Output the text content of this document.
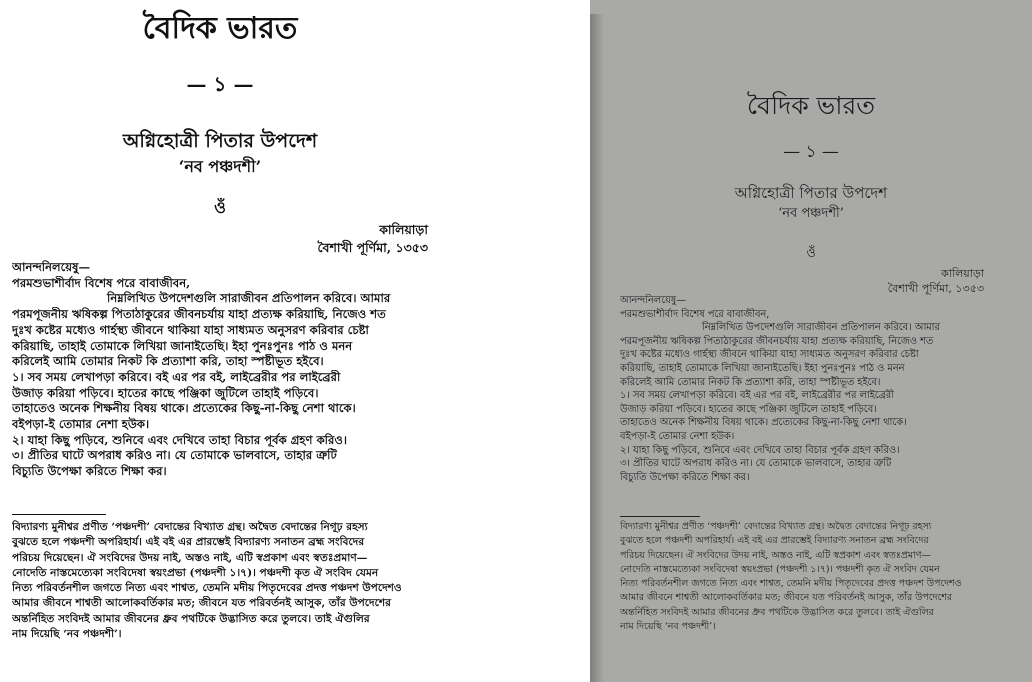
বৈদিক ভারত
— ১ —
অগ্নিহোত্রী পিতার উপদেশ
‘নব পঞ্চদশী’
ওঁ
কালিয়াড়া
বৈশাখী পূর্ণিমা, ১৩৫৩
আনন্দনিলয়েষু—
পরমশুভাশীর্বাদ বিশেষ পরে বাবাজীবন,
নিম্নলিখিত উপদেশগুলি সারাজীবন প্রতিপালন করিবে। আমার
পরমপূজনীয় ঋষিকল্প পিতাঠাকুরের জীবনচর্যায় যাহা প্রত্যক্ষ করিয়াছি, নিজেও শত
দুঃখ কষ্টের মধ্যেও গার্হস্থ্য জীবনে থাকিয়া যাহা সাধ্যমত অনুসরণ করিবার চেষ্টা
করিয়াছি, তাহাই তোমাকে লিখিয়া জানাইতেছি। ইহা পুনঃপুনঃ পাঠ ও মনন
করিলেই আমি তোমার নিকট কি প্রত্যাশা করি, তাহা স্পষ্টীভূত হইবে।
১। সব সময় লেখাপড়া করিবে। বই এর পর বই, লাইব্রেরীর পর লাইব্রেরী
উজাড় করিয়া পড়িবে। হাতের কাছে পঞ্জিকা জুটিলে তাহাই পড়িবে।
তাহাতেও অনেক শিক্ষনীয় বিষয় থাকে। প্রত্যেকের কিছু-না-কিছু নেশা থাকে।
বইপড়া-ই তোমার নেশা হউক।
২। যাহা কিছু পড়িবে, শুনিবে এবং দেখিবে তাহা বিচার পূর্বক গ্রহণ করিও।
৩। প্রীতির ঘাটে অপরাধ করিও না। যে তোমাকে ভালবাসে, তাহার ত্রুটি
বিচ্যুতি উপেক্ষা করিতে শিক্ষা কর।
বিদ্যারণ্য মুনীশ্বর প্রণীত ‘পঞ্চদশী’ বেদান্তের বিখ্যাত গ্রন্থ। অদ্বৈত বেদান্তের নিগূঢ় রহস্য
বুঝতে হলে পঞ্চদশী অপরিহার্য। এই বই এর প্রারম্ভেই বিদ্যারণ্য সনাতন ব্রহ্ম সংবিদের
পরিচয় দিয়েছেন। ঐ সংবিদের উদয় নাই, অস্তও নাই, এটি স্বপ্রকাশ এবং স্বতঃপ্রমাণ—
নোদেতি নাস্তমেত্যেকা সংবিদেষা স্বয়ংপ্রভা (পঞ্চদশী ১।৭)। পঞ্চদশী কৃত ঐ সংবিদ যেমন
নিত্য পরিবর্তনশীল জগতে নিত্য এবং শাশ্বত, তেমনি মদীয় পিতৃদেবের প্রদত্ত পঞ্চদশ উপদেশও
আমার জীবনে শাশ্বতী আলোকবর্তিকার মত; জীবনে যত পরিবর্তনই আসুক, তাঁর উপদেশের
অন্তর্নিহিত সংবিদই আমার জীবনের ধ্রুব পথটিকে উদ্ভাসিত করে তুলবে। তাই ঐগুলির
নাম দিয়েছি ‘নব পঞ্চদশী’।
বৈদিক ভারত
— ১ —
অগ্নিহোত্রী পিতার উপদেশ
‘নব পঞ্চদশী’
ওঁ
কালিয়াড়া
বৈশাখী পূর্ণিমা, ১৩৫৩
আনন্দনিলয়েষু—
পরমশুভাশীর্বাদ বিশেষ পরে বাবাজীবন,
নিম্নলিখিত উপদেশগুলি সারাজীবন প্রতিপালন করিবে। আমার
পরমপূজনীয় ঋষিকল্প পিতাঠাকুরের জীবনচর্যায় যাহা প্রত্যক্ষ করিয়াছি, নিজেও শত
দুঃখ কষ্টের মধ্যেও গার্হস্থ্য জীবনে থাকিয়া যাহা সাধ্যমত অনুসরণ করিবার চেষ্টা
করিয়াছি, তাহাই তোমাকে লিখিয়া জানাইতেছি। ইহা পুনঃপুনঃ পাঠ ও মনন
করিলেই আমি তোমার নিকট কি প্রত্যাশা করি, তাহা স্পষ্টীভূত হইবে।
১। সব সময় লেখাপড়া করিবে। বই এর পর বই, লাইব্রেরীর পর লাইব্রেরী
উজাড় করিয়া পড়িবে। হাতের কাছে পঞ্জিকা জুটিলে তাহাই পড়িবে।
তাহাতেও অনেক শিক্ষনীয় বিষয় থাকে। প্রত্যেকের কিছু-না-কিছু নেশা থাকে।
বইপড়া-ই তোমার নেশা হউক।
২। যাহা কিছু পড়িবে, শুনিবে এবং দেখিবে তাহা বিচার পূর্বক গ্রহণ করিও।
৩। প্রীতির ঘাটে অপরাধ করিও না। যে তোমাকে ভালবাসে, তাহার ত্রুটি
বিচ্যুতি উপেক্ষা করিতে শিক্ষা কর।
বিদ্যারণ্য মুনীশ্বর প্রণীত ‘পঞ্চদশী’ বেদান্তের বিখ্যাত গ্রন্থ। অদ্বৈত বেদান্তের নিগূঢ় রহস্য
বুঝতে হলে পঞ্চদশী অপরিহার্য। এই বই এর প্রারম্ভেই বিদ্যারণ্য সনাতন ব্রহ্ম সংবিদের
পরিচয় দিয়েছেন। ঐ সংবিদের উদয় নাই, অস্তও নাই, এটি স্বপ্রকাশ এবং স্বতঃপ্রমাণ—
নোদেতি নাস্তমেত্যেকা সংবিদেষা স্বয়ংপ্রভা (পঞ্চদশী ১।৭)। পঞ্চদশী কৃত ঐ সংবিদ যেমন
নিত্য পরিবর্তনশীল জগতে নিত্য এবং শাশ্বত, তেমনি মদীয় পিতৃদেবের প্রদত্ত পঞ্চদশ উপদেশও
আমার জীবনে শাশ্বতী আলোকবর্তিকার মত; জীবনে যত পরিবর্তনই আসুক, তাঁর উপদেশের
অন্তর্নিহিত সংবিদই আমার জীবনের ধ্রুব পথটিকে উদ্ভাসিত করে তুলবে। তাই ঐগুলির
নাম দিয়েছি ‘নব পঞ্চদশী’।
